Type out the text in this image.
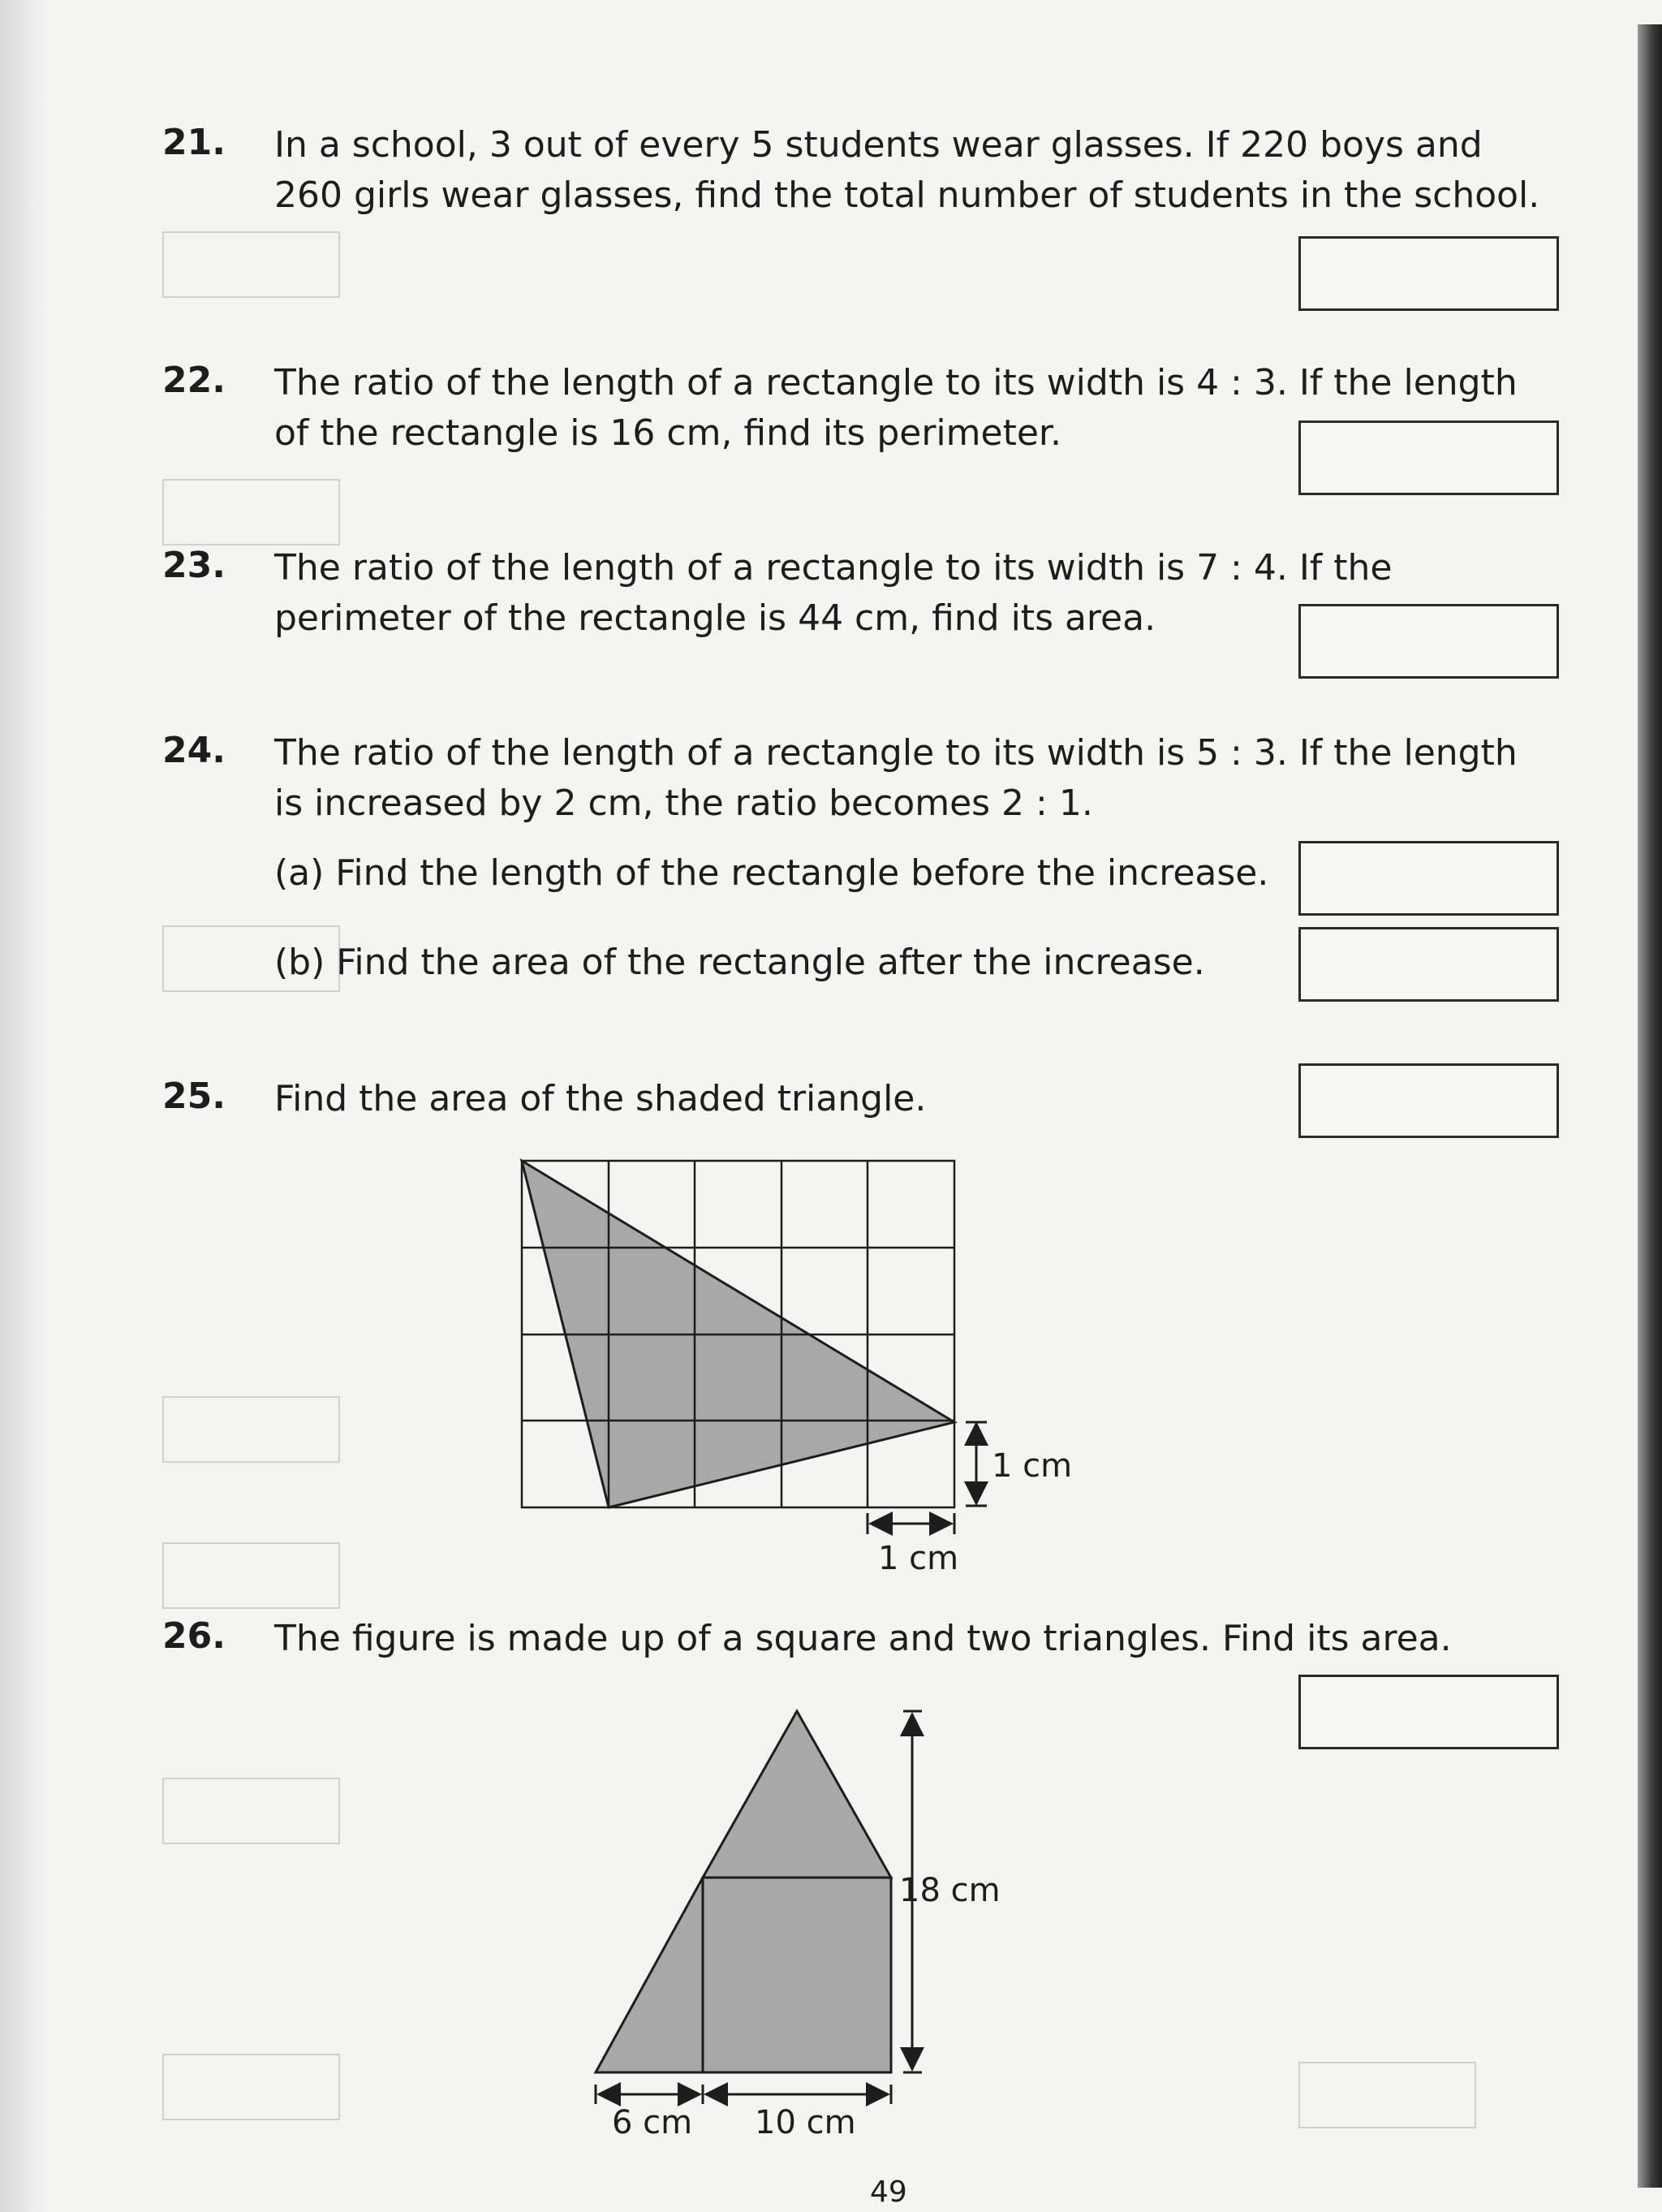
21. In a school, 3 out of every 5 students wear glasses. If 220 boys and

260 girls wear glasses, find the total number of students in the school.

22. The ratio of the length of a rectangle to its width is 4 : 3. If the length

of the rectangle is 16 cm, find its perimeter.

23. The ratio of the length of a rectangle to its width is 7 : 4. If the

perimeter of the rectangle is 44 cm, find its area.

24. The ratio of the length of a rectangle to its width is 5 : 3. If the length

is increased by 2 cm, the ratio becomes 2 : 1.

(a) Find the length of the rectangle before the increase.
(b) Find the area of the rectangle after the increase.
25. Find the area of the shaded triangle.

26. The figure is made up of a square and two triangles. Find its area.

1 cm
1 cm
18 cm
6 cm 10 cm
49
